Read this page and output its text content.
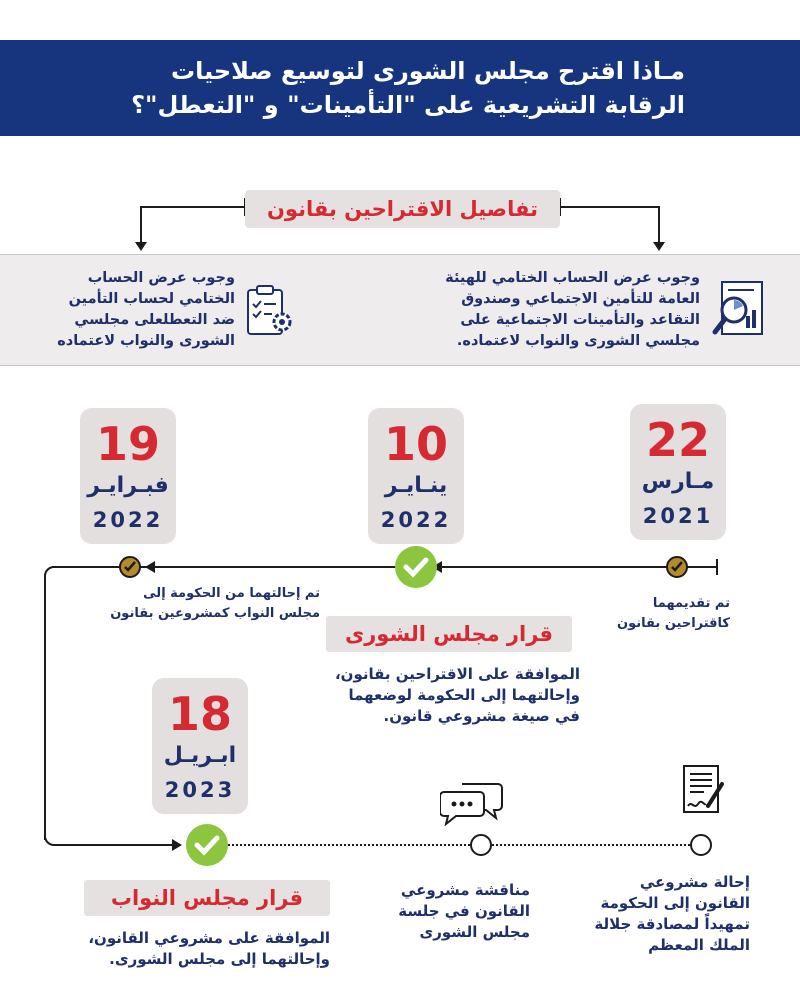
مـاذا اقترح مجلس الشورى لتوسيع صلاحيات
الرقابة التشريعية على "التأمينات" و "التعطل"؟
تفاصيل الاقتراحين بقانون
وجوب عرض الحساب الختامي للهيئة
العامة للتأمين الاجتماعي وصندوق
التقاعد والتأمينات الاجتماعية على
مجلسي الشورى والنواب لاعتماده.
وجوب عرض الحساب
الختامي لحساب التأمين
ضد التعطلعلى مجلسي
الشورى والنواب لاعتماده
22
مـارس
2021
10
ينـايـر
2022
19
فبـرايـر
2022
18
ابـريـل
2023
تم تقديمهما
كاقتراحين بقانون
تم إحالتهما من الحكومة إلى
مجلس النواب كمشروعين بقانون
قرار مجلس الشورى
الموافقة على الاقتراحين بقانون،
وإحالتهما إلى الحكومة لوضعهما
في صيغة مشروعي قانون.
إحالة مشروعي
القانون إلى الحكومة
تمهيداً لمصادقة جلالة
الملك المعظم
مناقشة مشروعي
القانون في جلسة
مجلس الشورى
قرار مجلس النواب
الموافقة على مشروعي القانون،
وإحالتهما إلى مجلس الشورى.
